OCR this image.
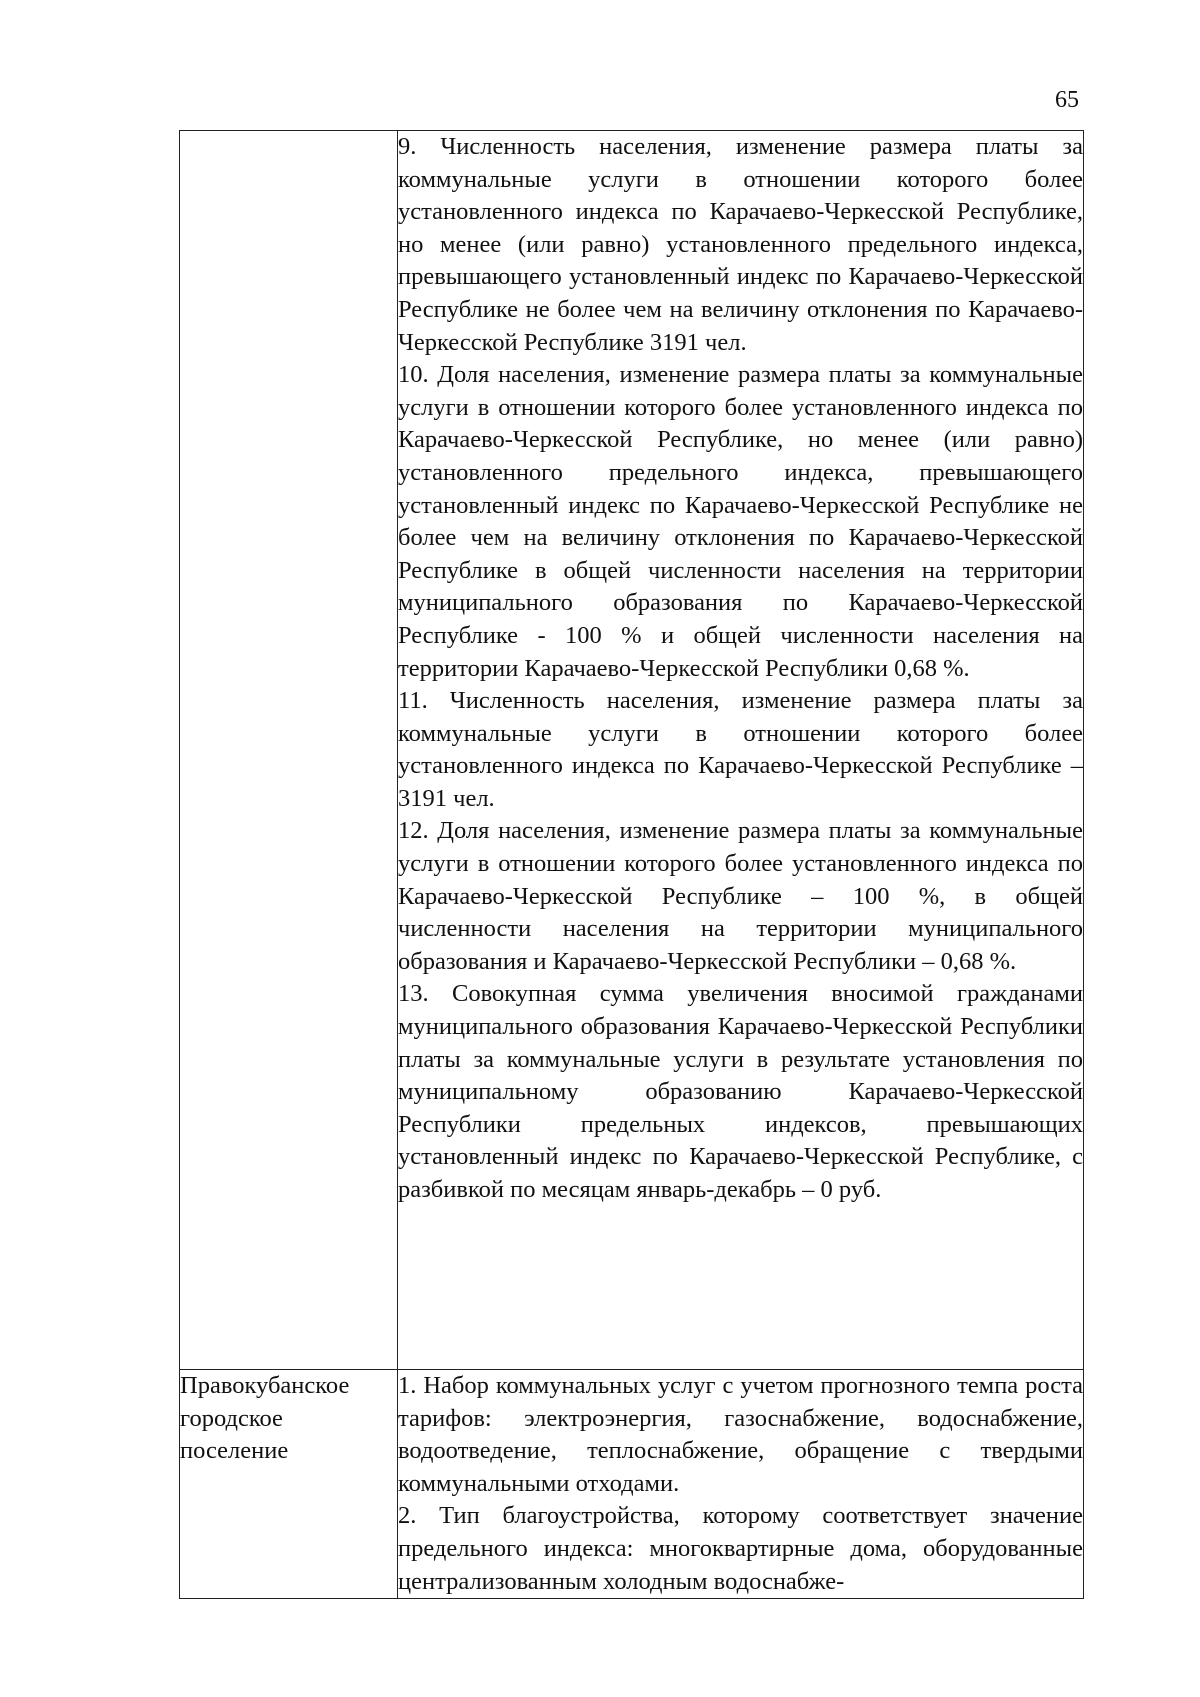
65

	9. Численность населения, изменение размера платы за коммунальные услуги в отношении которого более установленного индекса по Карачаево-Черкесской Республике, но менее (или равно) установленного предельного индекса, превышающего установленный индекс по Карачаево-Черкесской Республике не более чем на величину отклонения по Карачаево-Черкесской Республике 3191 чел.

10. Доля населения, изменение размера платы за коммунальные услуги в отношении которого более установленного индекса по Карачаево-Черкесской Республике, но менее (или равно) установленного предельного индекса, превышающего установленный индекс по Карачаево-Черкесской Республике не более чем на величину отклонения по Карачаево-Черкесской Республике в общей численности населения на территории муниципального образования по Карачаево-Черкесской Республике - 100 % и общей численности населения на территории Карачаево-Черкесской Республики 0,68 %.

11. Численность населения, изменение размера платы за коммунальные услуги в отношении которого более установленного индекса по Карачаево-Черкесской Республике – 3191 чел.

12. Доля населения, изменение размера платы за коммунальные услуги в отношении которого более установленного индекса по Карачаево-Черкесской Республике – 100 %, в общей численности населения на территории муниципального образования и Карачаево-Черкесской Республики – 0,68 %.

13. Совокупная сумма увеличения вносимой гражданами муниципального образования Карачаево-Черкесской Республики платы за коммунальные услуги в результате установления по муниципальному образованию Карачаево-Черкесской Республики предельных индексов, превышающих установленный индекс по Карачаево-Черкесской Республике, с разбивкой по месяцам январь-декабрь – 0 руб.

Правокубанское городское поселение	1. Набор коммунальных услуг с учетом прогнозного темпа роста тарифов: электроэнергия, газоснабжение, водоснабжение, водоотведение, теплоснабжение, обращение с твердыми коммунальными отходами.

2. Тип благоустройства, которому соответствует значение предельного индекса: многоквартирные дома, оборудованные централизованным холодным водоснабже-
